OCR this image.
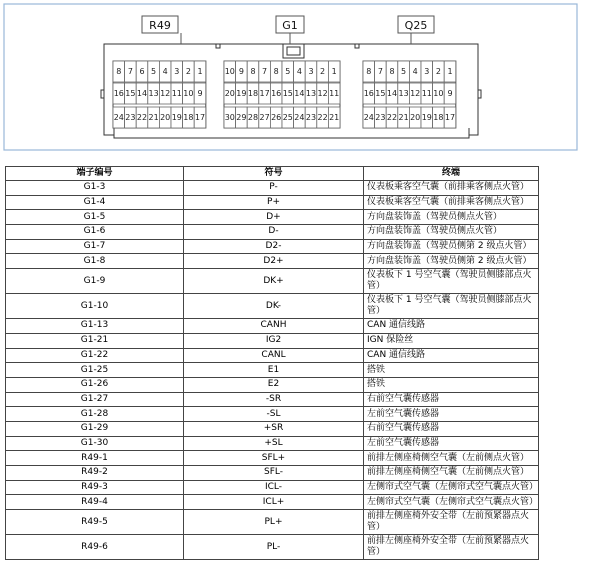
R49
8 7 6 5 4 3 2 1
16 15 14 13 12 11 10 9
24 23 22 21 20 19 18 17
G1
10 9 8 7 8 5 4 3 2 1
20 19 18 17 16 15 14 13 12 11
30 29 28 27 26 25 24 23 22 21
Q25
8 7 8 5 4 3 2 1
16 15 14 13 12 11 10 9
24 23 22 21 20 19 18 17
端子编号	符号	终端
G1-3	P-	仪表板乘客空气囊（前排乘客侧点火管）
G1-4	P+	仪表板乘客空气囊（前排乘客侧点火管）
G1-5	D+	方向盘装饰盖（驾驶员侧点火管）
G1-6	D-	方向盘装饰盖（驾驶员侧点火管）
G1-7	D2-	方向盘装饰盖（驾驶员侧第 2 级点火管）
G1-8	D2+	方向盘装饰盖（驾驶员侧第 2 级点火管）
G1-9	DK+	仪表板下 1 号空气囊（驾驶员侧膝部点火管）
G1-10	DK-	仪表板下 1 号空气囊（驾驶员侧膝部点火管）
G1-13	CANH	CAN 通信线路
G1-21	IG2	IGN 保险丝
G1-22	CANL	CAN 通信线路
G1-25	E1	搭铁
G1-26	E2	搭铁
G1-27	-SR	右前空气囊传感器
G1-28	-SL	左前空气囊传感器
G1-29	+SR	右前空气囊传感器
G1-30	+SL	左前空气囊传感器
R49-1	SFL+	前排左侧座椅侧空气囊（左前侧点火管）
R49-2	SFL-	前排左侧座椅侧空气囊（左前侧点火管）
R49-3	ICL-	左侧帘式空气囊（左侧帘式空气囊点火管）
R49-4	ICL+	左侧帘式空气囊（左侧帘式空气囊点火管）
R49-5	PL+	前排左侧座椅外安全带（左前预紧器点火管）
R49-6	PL-	前排左侧座椅外安全带（左前预紧器点火管）
